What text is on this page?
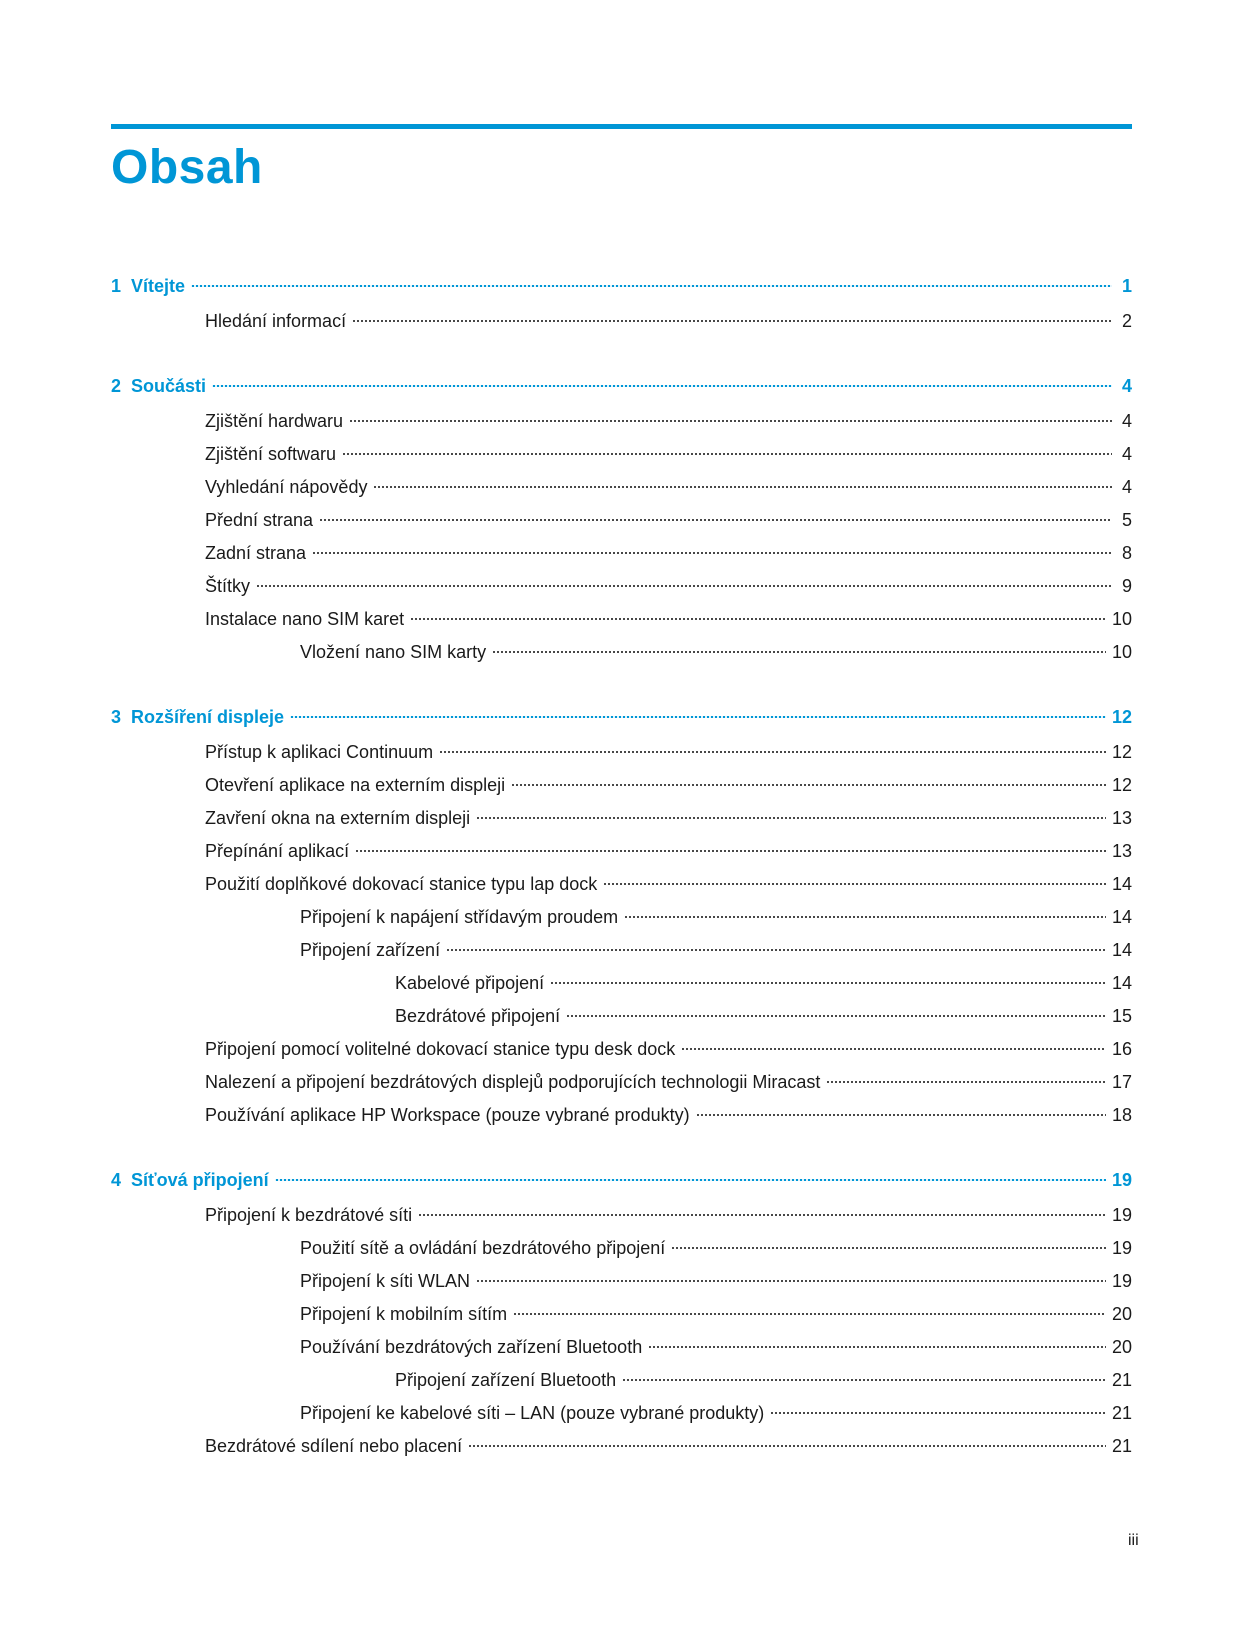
Obsah
1 Vítejte	1
Hledání informací	2
2 Součásti	4
Zjištění hardwaru	4
Zjištění softwaru	4
Vyhledání nápovědy	4
Přední strana	5
Zadní strana	8
Štítky	9
Instalace nano SIM karet	10
Vložení nano SIM karty	10
3 Rozšíření displeje	12
Přístup k aplikaci Continuum	12
Otevření aplikace na externím displeji	12
Zavření okna na externím displeji	13
Přepínání aplikací	13
Použití doplňkové dokovací stanice typu lap dock	14
Připojení k napájení střídavým proudem	14
Připojení zařízení	14
Kabelové připojení	14
Bezdrátové připojení	15
Připojení pomocí volitelné dokovací stanice typu desk dock	16
Nalezení a připojení bezdrátových displejů podporujících technologii Miracast	17
Používání aplikace HP Workspace (pouze vybrané produkty)	18
4 Síťová připojení	19
Připojení k bezdrátové síti	19
Použití sítě a ovládání bezdrátového připojení	19
Připojení k síti WLAN	19
Připojení k mobilním sítím	20
Používání bezdrátových zařízení Bluetooth	20
Připojení zařízení Bluetooth	21
Připojení ke kabelové síti – LAN (pouze vybrané produkty)	21
Bezdrátové sdílení nebo placení	21
iii
